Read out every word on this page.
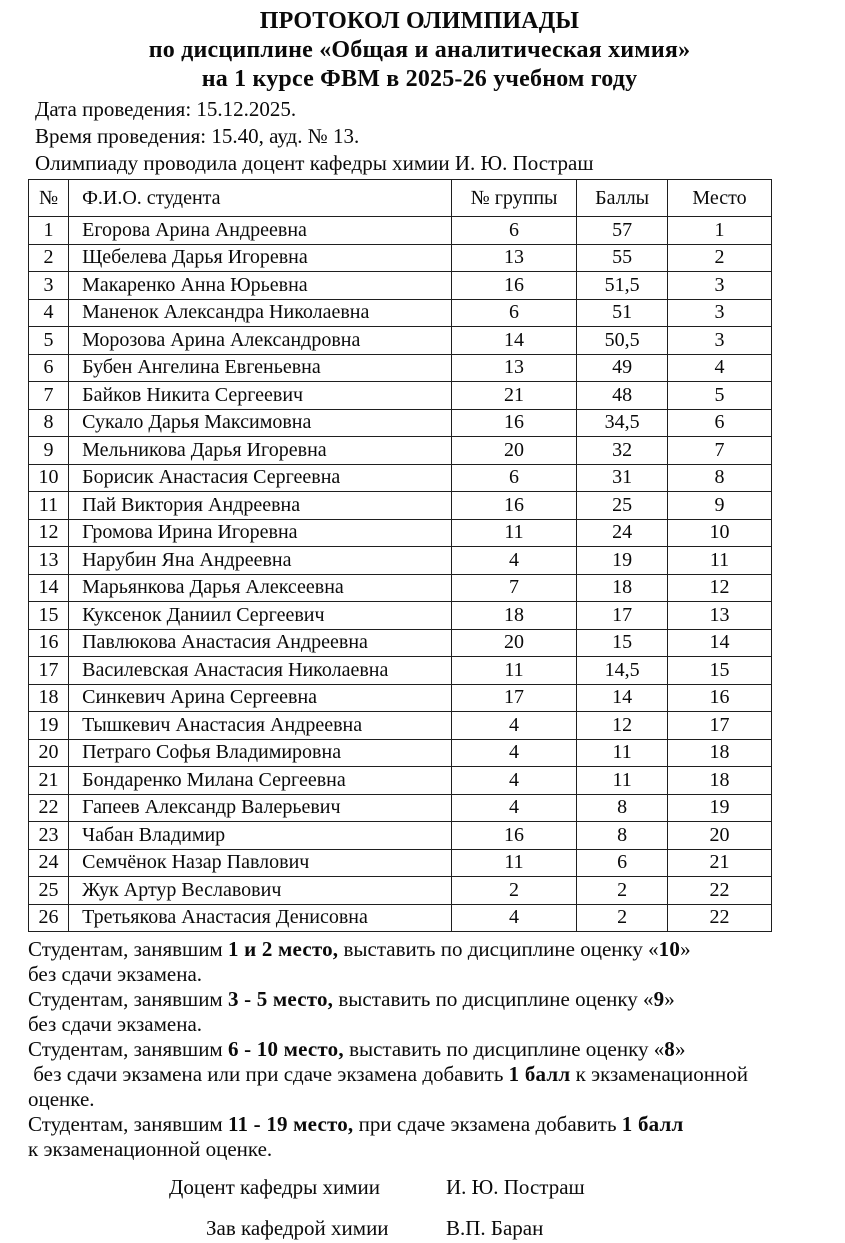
ПРОТОКОЛ ОЛИМПИАДЫ
по дисциплине «Общая и аналитическая химия»
на 1 курсе ФВМ в 2025-26 учебном году
Дата проведения: 15.12.2025.
Время проведения: 15.40, ауд. № 13.
Олимпиаду проводила доцент кафедры химии И. Ю. Постраш
№	Ф.И.О. студента	№ группы	Баллы	Место
1	Егорова Арина Андреевна	6	57	1
2	Щебелева Дарья Игоревна	13	55	2
3	Макаренко Анна Юрьевна	16	51,5	3
4	Маненок Александра Николаевна	6	51	3
5	Морозова Арина Александровна	14	50,5	3
6	Бубен Ангелина Евгеньевна	13	49	4
7	Байков Никита Сергеевич	21	48	5
8	Сукало Дарья Максимовна	16	34,5	6
9	Мельникова Дарья Игоревна	20	32	7
10	Борисик Анастасия Сергеевна	6	31	8
11	Пай Виктория Андреевна	16	25	9
12	Громова Ирина Игоревна	11	24	10
13	Нарубин Яна Андреевна	4	19	11
14	Марьянкова Дарья Алексеевна	7	18	12
15	Куксенок Даниил Сергеевич	18	17	13
16	Павлюкова Анастасия Андреевна	20	15	14
17	Василевская Анастасия Николаевна	11	14,5	15
18	Синкевич Арина Сергеевна	17	14	16
19	Тышкевич Анастасия Андреевна	4	12	17
20	Петраго Софья Владимировна	4	11	18
21	Бондаренко Милана Сергеевна	4	11	18
22	Гапеев Александр Валерьевич	4	8	19
23	Чабан Владимир	16	8	20
24	Семчёнок Назар Павлович	11	6	21
25	Жук Артур Веславович	2	2	22
26	Третьякова Анастасия Денисовна	4	2	22
Студентам, занявшим 1 и 2 место, выставить по дисциплине оценку «10»
без сдачи экзамена.
Студентам, занявшим 3 - 5 место, выставить по дисциплине оценку «9»
без сдачи экзамена.
Студентам, занявшим 6 - 10 место, выставить по дисциплине оценку «8»
без сдачи экзамена или при сдаче экзамена добавить 1 балл к экзаменационной
оценке.
Студентам, занявшим 11 - 19 место, при сдаче экзамена добавить 1 балл
к экзаменационной оценке.
Доцент кафедры химии	И. Ю. Постраш
Зав кафедрой химии	В.П. Баран
